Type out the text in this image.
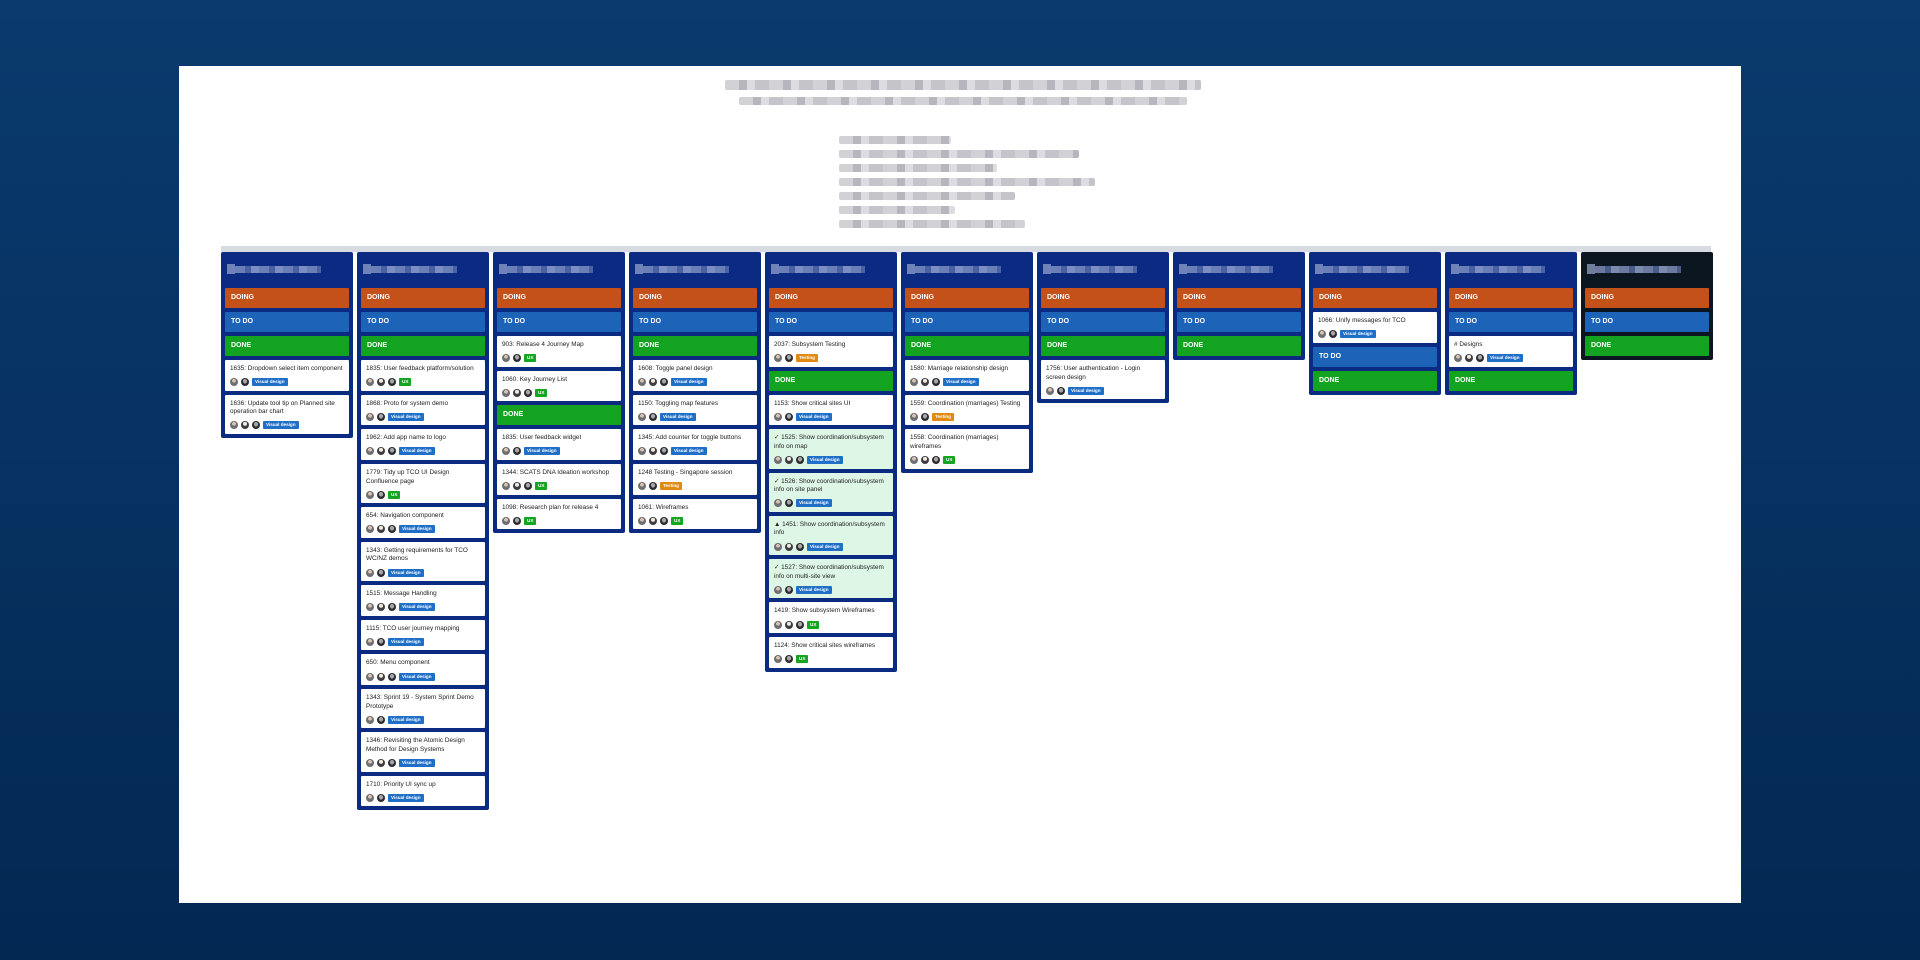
DOING
TO DO
DONE
1635: Dropdown select item component
Visual design
1636: Update tool tip on Planned site operation bar chart
Visual design
DOING
TO DO
DONE
1835: User feedback platform/solution
UX
1868: Proto for system demo
Visual design
1962: Add app name to logo
Visual design
1779: Tidy up TCO UI Design Confluence page
UX
654: Navigation component
Visual design
1343: Getting requirements for TCO WC/NZ demos
Visual design
1515: Message Handling
Visual design
1115: TCO user journey mapping
Visual design
650: Menu component
Visual design
1343: Sprint 19 - System Sprint Demo Prototype
Visual design
1346: Revisiting the Atomic Design Method for Design Systems
Visual design
1710: Priority UI sync up
Visual design
DOING
TO DO
903: Release 4 Journey Map
UX
1060: Key Journey List
UX
DONE
1835: User feedback widget
Visual design
1344: SCATS DNA Ideation workshop
UX
1098: Research plan for release 4
UX
DOING
TO DO
DONE
1608: Toggle panel design
Visual design
1150: Toggling map features
Visual design
1345: Add counter for toggle buttons
Visual design
1248 Testing - Singapore session
Testing
1061: Wireframes
UX
DOING
TO DO
2037: Subsystem Testing
Testing
DONE
1153: Show critical sites UI
Visual design
✓ 1525: Show coordination/subsystem info on map
Visual design
✓ 1526: Show coordination/subsystem info on site panel
Visual design
▲ 1451: Show coordination/subsystem info
Visual design
✓ 1527: Show coordination/subsystem info on multi-site view
Visual design
1419: Show subsystem Wireframes
UX
1124: Show critical sites wireframes
UX
DOING
TO DO
DONE
1580: Marriage relationship design
Visual design
1559: Coordination (marriages) Testing
Testing
1558: Coordination (marriages) wireframes
UX
DOING
TO DO
DONE
1756: User authentication - Login screen design
Visual design
DOING
TO DO
DONE
DOING
1066: Unify messages for TCO
Visual design
TO DO
DONE
DOING
TO DO
# Designs
Visual design
DONE
DOING
TO DO
DONE
